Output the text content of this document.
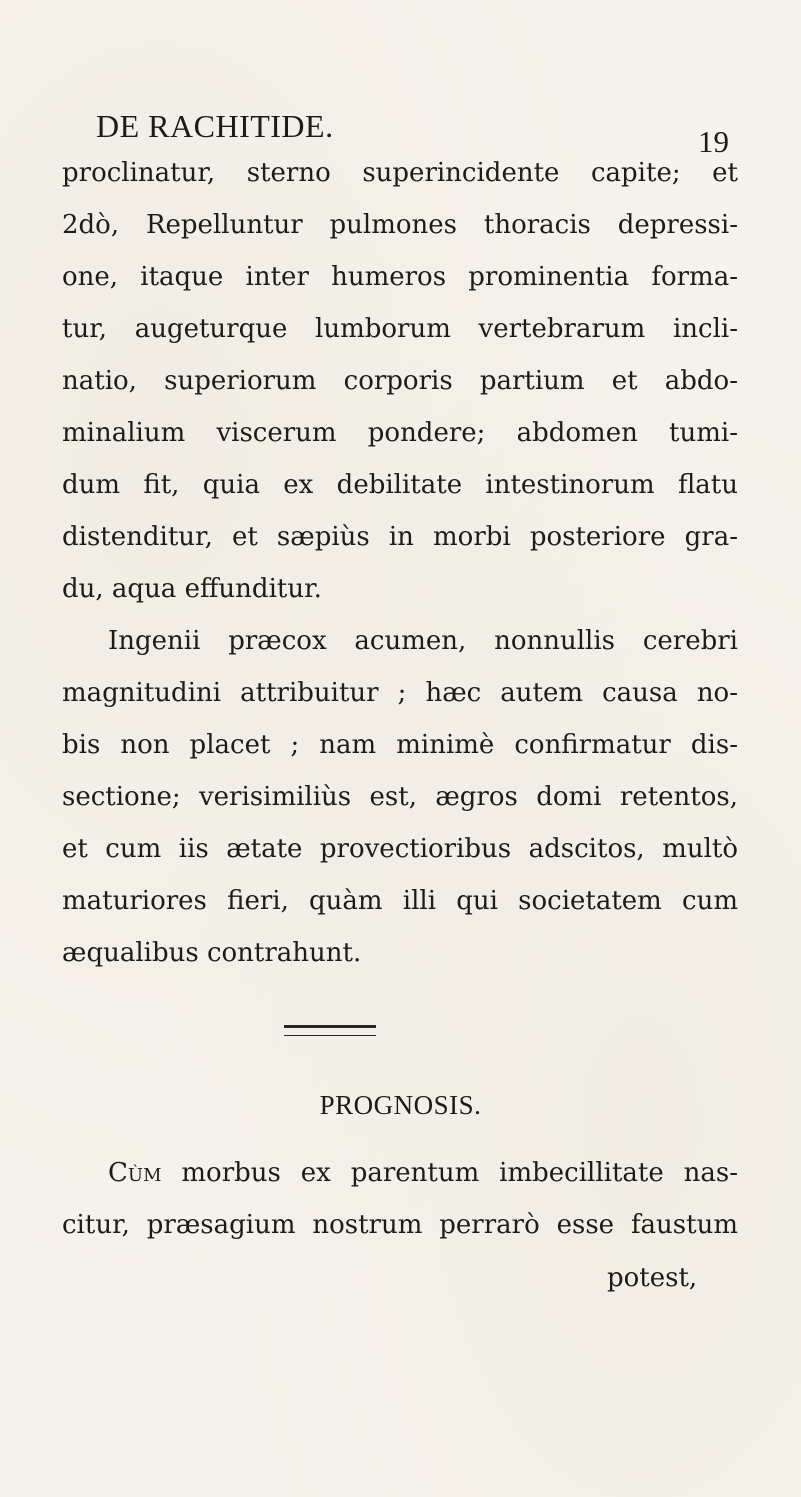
DE RACHITIDE.	19
proclinatur, sterno superincidente capite; et
2dò, Repelluntur pulmones thoracis depressi-
one, itaque inter humeros prominentia forma-
tur, augeturque lumborum vertebrarum incli-
natio, superiorum corporis partium et abdo-
minalium viscerum pondere; abdomen tumi-
dum fit, quia ex debilitate intestinorum flatu
distenditur, et sæpiùs in morbi posteriore gra-
du, aqua effunditur.
Ingenii præcox acumen, nonnullis cerebri
magnitudini attribuitur ; hæc autem causa no-
bis non placet ; nam minimè confirmatur dis-
sectione; verisimiliùs est, ægros domi retentos,
et cum iis ætate provectioribus adscitos, multò
maturiores fieri, quàm illi qui societatem cum
æqualibus contrahunt.
PROGNOSIS.
Cùm morbus ex parentum imbecillitate nas-
citur, præsagium nostrum perrarò esse faustum
potest,
